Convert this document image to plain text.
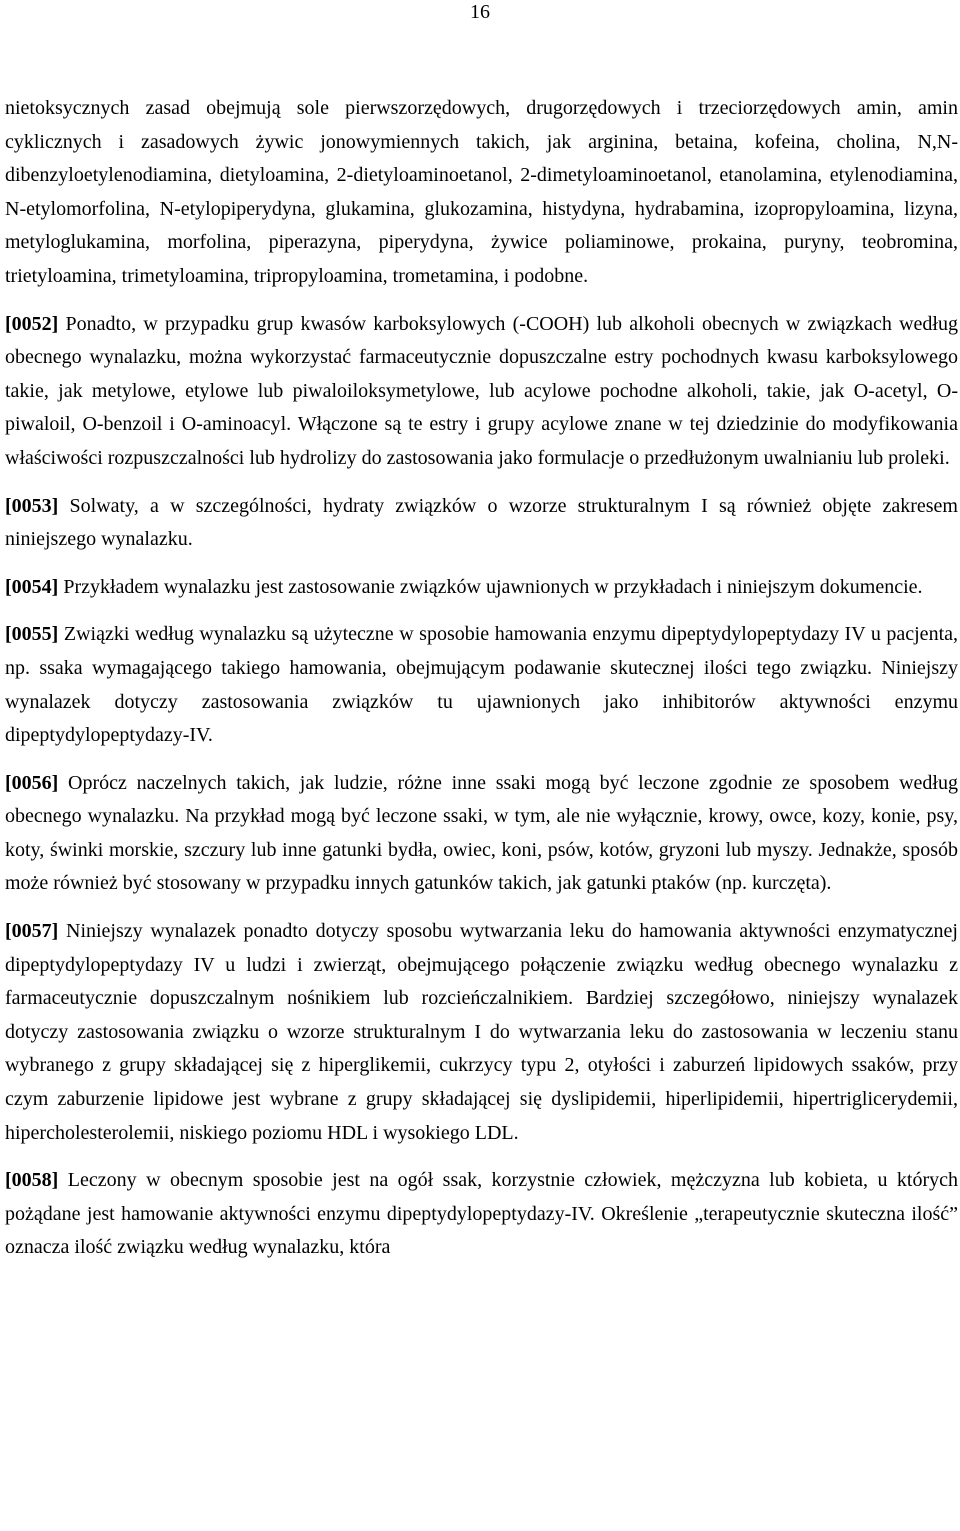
16

nietoksycznych zasad obejmują sole pierwszorzędowych, drugorzędowych i trzeciorzędowych amin, amin cyklicznych i zasadowych żywic jonowymiennych takich, jak arginina, betaina, kofeina, cholina, N,N-dibenzyloetylenodiamina, dietyloamina, 2-dietyloaminoetanol, 2-dimetyloaminoetanol, etanolamina, etylenodiamina, N-etylomorfolina, N-etylopiperydyna, glukamina, glukozamina, histydyna, hydrabamina, izopropyloamina, lizyna, metyloglukamina, morfolina, piperazyna, piperydyna, żywice poliaminowe, prokaina, puryny, teobromina, trietyloamina, trimetyloamina, tripropyloamina, trometamina, i podobne.

[0052] Ponadto, w przypadku grup kwasów karboksylowych (-COOH) lub alkoholi obecnych w związkach według obecnego wynalazku, można wykorzystać farmaceutycznie dopuszczalne estry pochodnych kwasu karboksylowego takie, jak metylowe, etylowe lub piwaloiloksymetylowe, lub acylowe pochodne alkoholi, takie, jak O-acetyl, O-piwaloil, O-benzoil i O-aminoacyl. Włączone są te estry i grupy acylowe znane w tej dziedzinie do modyfikowania właściwości rozpuszczalności lub hydrolizy do zastosowania jako formulacje o przedłużonym uwalnianiu lub proleki.

[0053] Solwaty, a w szczególności, hydraty związków o wzorze strukturalnym I są również objęte zakresem niniejszego wynalazku.

[0054] Przykładem wynalazku jest zastosowanie związków ujawnionych w przykładach i niniejszym dokumencie.

[0055] Związki według wynalazku są użyteczne w sposobie hamowania enzymu dipeptydylopeptydazy IV u pacjenta, np. ssaka wymagającego takiego hamowania, obejmującym podawanie skutecznej ilości tego związku. Niniejszy wynalazek dotyczy zastosowania związków tu ujawnionych jako inhibitorów aktywności enzymu dipeptydylopeptydazy-IV.

[0056] Oprócz naczelnych takich, jak ludzie, różne inne ssaki mogą być leczone zgodnie ze sposobem według obecnego wynalazku. Na przykład mogą być leczone ssaki, w tym, ale nie wyłącznie, krowy, owce, kozy, konie, psy, koty, świnki morskie, szczury lub inne gatunki bydła, owiec, koni, psów, kotów, gryzoni lub myszy. Jednakże, sposób może również być stosowany w przypadku innych gatunków takich, jak gatunki ptaków (np. kurczęta).

[0057] Niniejszy wynalazek ponadto dotyczy sposobu wytwarzania leku do hamowania aktywności enzymatycznej dipeptydylopeptydazy IV u ludzi i zwierząt, obejmującego połączenie związku według obecnego wynalazku z farmaceutycznie dopuszczalnym nośnikiem lub rozcieńczalnikiem. Bardziej szczegółowo, niniejszy wynalazek dotyczy zastosowania związku o wzorze strukturalnym I do wytwarzania leku do zastosowania w leczeniu stanu wybranego z grupy składającej się z hiperglikemii, cukrzycy typu 2, otyłości i zaburzeń lipidowych ssaków, przy czym zaburzenie lipidowe jest wybrane z grupy składającej się dyslipidemii, hiperlipidemii, hipertriglicerydemii, hipercholesterolemii, niskiego poziomu HDL i wysokiego LDL.

[0058] Leczony w obecnym sposobie jest na ogół ssak, korzystnie człowiek, mężczyzna lub kobieta, u których pożądane jest hamowanie aktywności enzymu dipeptydylopeptydazy-IV. Określenie „terapeutycznie skuteczna ilość” oznacza ilość związku według wynalazku, która
